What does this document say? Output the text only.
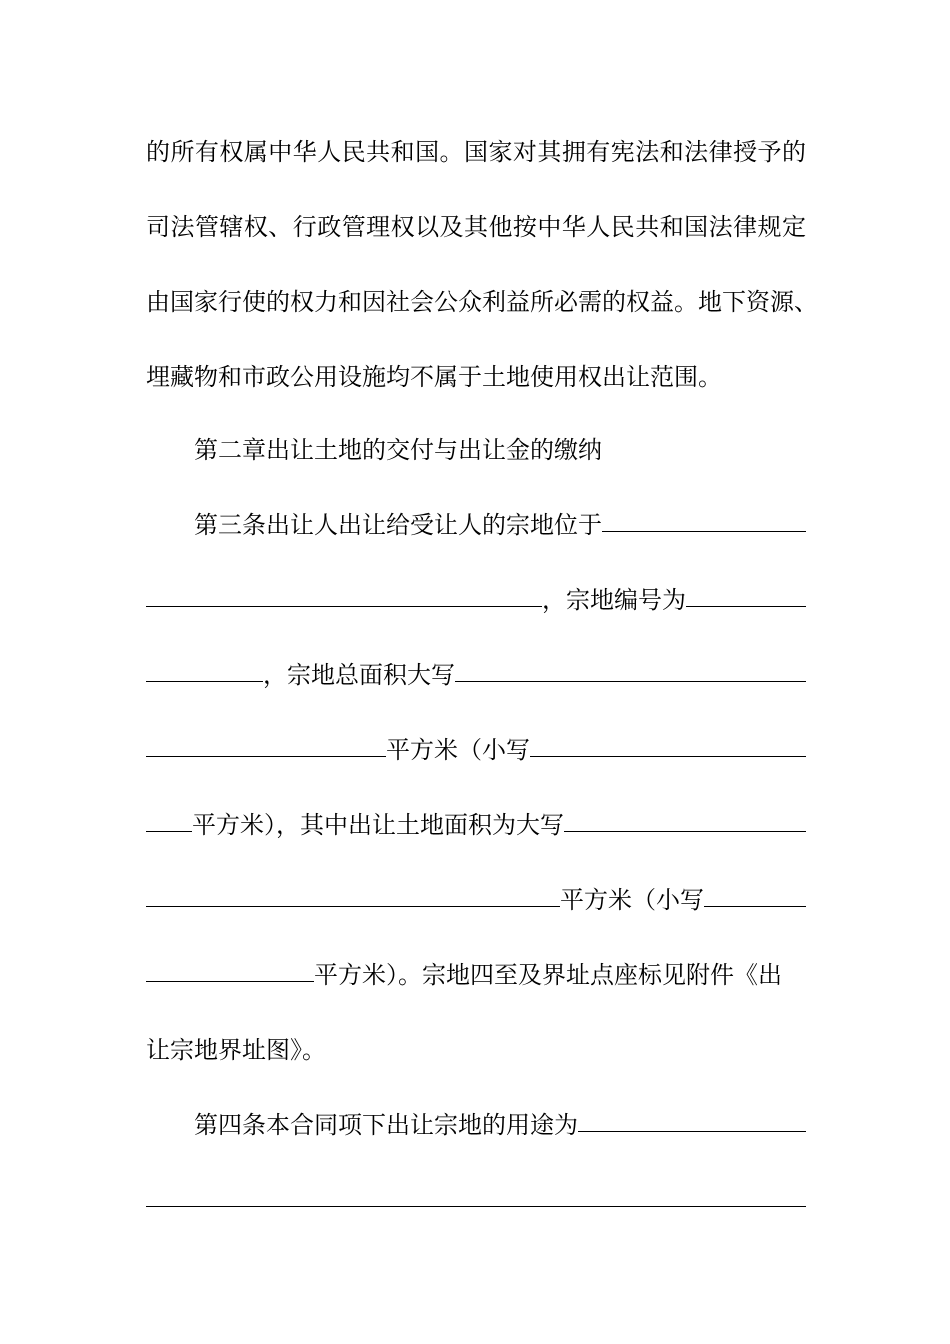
的所有权属中华人民共和国。国家对其拥有宪法和法律授予的
司法管辖权、行政管理权以及其他按中华人民共和国法律规定
由国家行使的权力和因社会公众利益所必需的权益。地下资源、
埋藏物和市政公用设施均不属于土地使用权出让范围。
第二章出让土地的交付与出让金的缴纳
第三条出让人出让给受让人的宗地位于
，宗地编号为
，宗地总面积大写
平方米（小写
平方米），其中出让土地面积为大写
平方米（小写
平方米）。宗地四至及界址点座标见附件《出
让宗地界址图》。
第四条本合同项下出让宗地的用途为
